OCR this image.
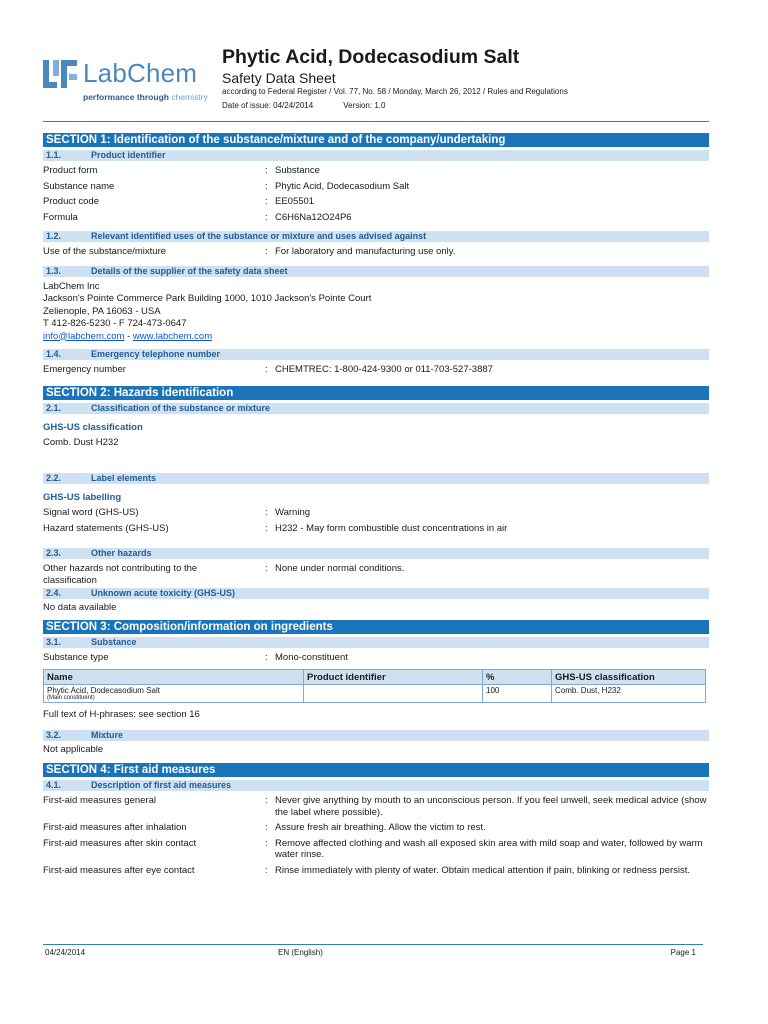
LabChem
performance through chemistry
Phytic Acid, Dodecasodium Salt
Safety Data Sheet
according to Federal Register / Vol. 77, No. 58 / Monday, March 26, 2012 / Rules and Regulations
Date of issue: 04/24/2014	Version: 1.0
SECTION 1: Identification of the substance/mixture and of the company/undertaking
1.1.	Product identifier
Product form	: Substance
Substance name	: Phytic Acid, Dodecasodium Salt
Product code	: EE05501
Formula	: C6H6Na12O24P6
1.2.	Relevant identified uses of the substance or mixture and uses advised against
Use of the substance/mixture	: For laboratory and manufacturing use only.
1.3.	Details of the supplier of the safety data sheet
LabChem Inc
Jackson's Pointe Commerce Park Building 1000, 1010 Jackson's Pointe Court
Zelienople, PA 16063 - USA
T 412-826-5230 - F 724-473-0647
info@labchem.com - www.labchem.com
1.4.	Emergency telephone number
Emergency number	: CHEMTREC: 1-800-424-9300 or 011-703-527-3887
SECTION 2: Hazards identification
2.1.	Classification of the substance or mixture
GHS-US classification
Comb. Dust H232
2.2.	Label elements
GHS-US labelling
Signal word (GHS-US)	: Warning
Hazard statements (GHS-US)	: H232 - May form combustible dust concentrations in air
2.3.	Other hazards
Other hazards not contributing to the classification
: None under normal conditions.
2.4.	Unknown acute toxicity (GHS-US)
No data available
SECTION 3: Composition/information on ingredients
3.1.	Substance
Substance type	: Mono-constituent
Name	Product identifier	%	GHS-US classification

Phytic Acid, Dodecasodium Salt
(Main constituent)		100	Comb. Dust, H232
Full text of H-phrases: see section 16
3.2.	Mixture
Not applicable
SECTION 4: First aid measures
4.1.	Description of first aid measures
First-aid measures general	: Never give anything by mouth to an unconscious person. If you feel unwell, seek medical advice (show the label where possible).
First-aid measures after inhalation	: Assure fresh air breathing. Allow the victim to rest.
First-aid measures after skin contact	: Remove affected clothing and wash all exposed skin area with mild soap and water, followed by warm water rinse.
First-aid measures after eye contact	: Rinse immediately with plenty of water. Obtain medical attention if pain, blinking or redness persist.
04/24/2014	EN (English)	Page 1
